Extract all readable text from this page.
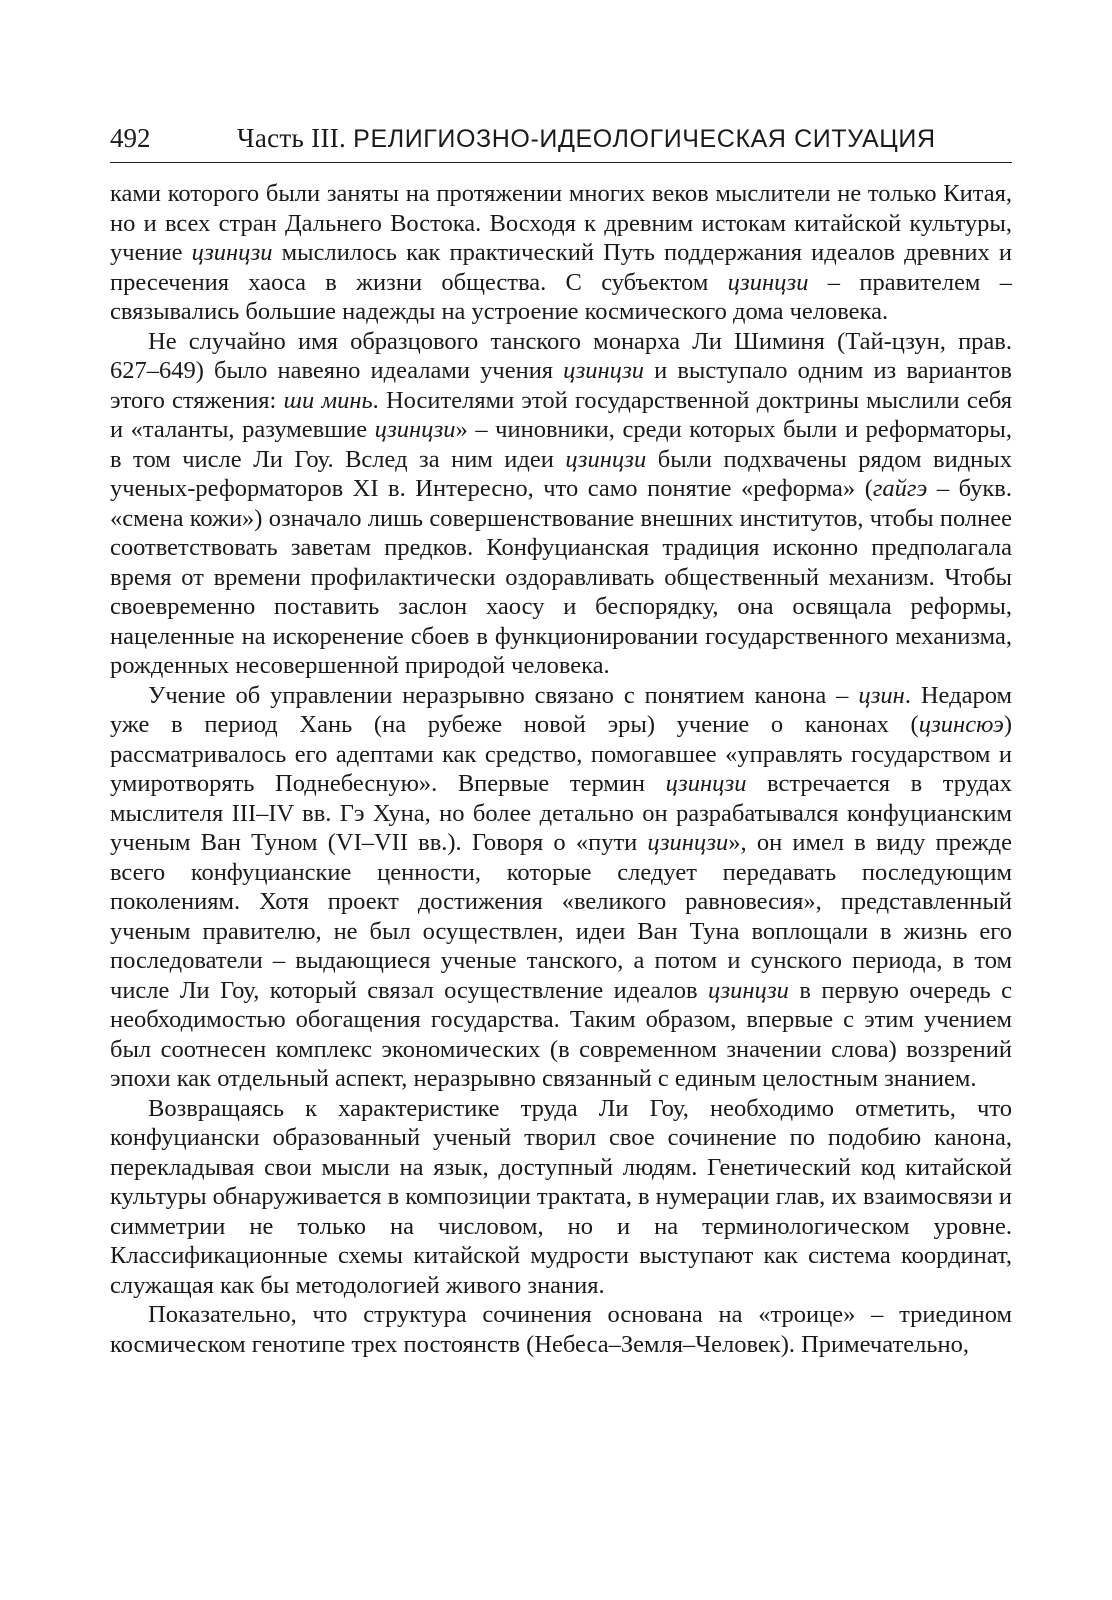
492	Часть III. РЕЛИГИОЗНО-ИДЕОЛОГИЧЕСКАЯ СИТУАЦИЯ

ками которого были заняты на протяжении многих веков мыслители не только Китая, но и всех стран Дальнего Востока. Восходя к древним истокам китайской культуры, учение цзинцзи мыслилось как практический Путь поддержания идеалов древних и пресечения хаоса в жизни общества. С субъектом цзинцзи – правителем – связывались большие надежды на устроение космического дома человека.

Не случайно имя образцового танского монарха Ли Шиминя (Тай-цзун, прав. 627–649) было навеяно идеалами учения цзинцзи и выступало одним из вариантов этого стяжения: ши минь. Носителями этой государственной доктрины мыслили себя и «таланты, разумевшие цзинцзи» – чиновники, среди которых были и реформаторы, в том числе Ли Гоу. Вслед за ним идеи цзинцзи были подхвачены рядом видных ученых-реформаторов XI в. Интересно, что само понятие «реформа» (гайгэ – букв. «смена кожи») означало лишь совершенствование внешних институтов, чтобы полнее соответствовать заветам предков. Конфуцианская традиция исконно предполагала время от времени профилактически оздоравливать общественный механизм. Чтобы своевременно поставить заслон хаосу и беспорядку, она освящала реформы, нацеленные на искоренение сбоев в функционировании государственного механизма, рожденных несовершенной природой человека.

Учение об управлении неразрывно связано с понятием канона – цзин. Недаром уже в период Хань (на рубеже новой эры) учение о канонах (цзинсюэ) рассматривалось его адептами как средство, помогавшее «управлять государством и умиротворять Поднебесную». Впервые термин цзинцзи встречается в трудах мыслителя III–IV вв. Гэ Хуна, но более детально он разрабатывался конфуцианским ученым Ван Туном (VI–VII вв.). Говоря о «пути цзинцзи», он имел в виду прежде всего конфуцианские ценности, которые следует передавать последующим поколениям. Хотя проект достижения «великого равновесия», представленный ученым правителю, не был осуществлен, идеи Ван Туна воплощали в жизнь его последователи – выдающиеся ученые танского, а потом и сунского периода, в том числе Ли Гоу, который связал осуществление идеалов цзинцзи в первую очередь с необходимостью обогащения государства. Таким образом, впервые с этим учением был соотнесен комплекс экономических (в современном значении слова) воззрений эпохи как отдельный аспект, неразрывно связанный с единым целостным знанием.

Возвращаясь к характеристике труда Ли Гоу, необходимо отметить, что конфуциански образованный ученый творил свое сочинение по подобию канона, перекладывая свои мысли на язык, доступный людям. Генетический код китайской культуры обнаруживается в композиции трактата, в нумерации глав, их взаимосвязи и симметрии не только на числовом, но и на терминологическом уровне. Классификационные схемы китайской мудрости выступают как система координат, служащая как бы методологией живого знания.

Показательно, что структура сочинения основана на «троице» – триедином космическом генотипе трех постоянств (Небеса–Земля–Человек). Примечательно,
